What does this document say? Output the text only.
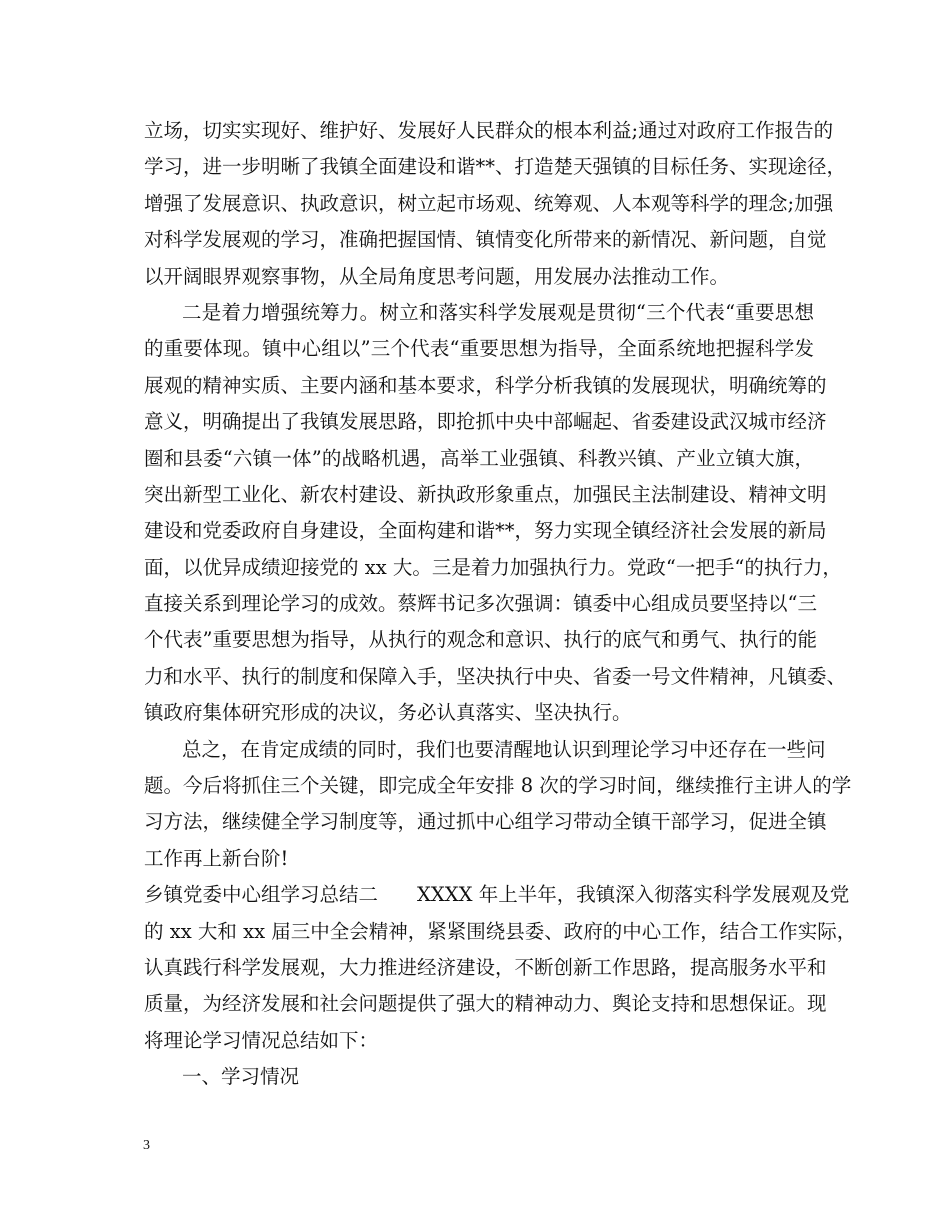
立场，切实实现好、维护好、发展好人民群众的根本利益;通过对政府工作报告的
学习，进一步明晰了我镇全面建设和谐**、打造楚天强镇的目标任务、实现途径，
增强了发展意识、执政意识，树立起市场观、统筹观、人本观等科学的理念;加强
对科学发展观的学习，准确把握国情、镇情变化所带来的新情况、新问题，自觉
以开阔眼界观察事物，从全局角度思考问题，用发展办法推动工作。
二是着力增强统筹力。树立和落实科学发展观是贯彻“三个代表“重要思想
的重要体现。镇中心组以”三个代表“重要思想为指导，全面系统地把握科学发
展观的精神实质、主要内涵和基本要求，科学分析我镇的发展现状，明确统筹的
意义，明确提出了我镇发展思路，即抢抓中央中部崛起、省委建设武汉城市经济
圈和县委“六镇一体”的战略机遇，高举工业强镇、科教兴镇、产业立镇大旗，
突出新型工业化、新农村建设、新执政形象重点，加强民主法制建设、精神文明
建设和党委政府自身建设，全面构建和谐**，努力实现全镇经济社会发展的新局
面，以优异成绩迎接党的 xx 大。三是着力加强执行力。党政“一把手“的执行力，
直接关系到理论学习的成效。蔡辉书记多次强调：镇委中心组成员要坚持以“三
个代表”重要思想为指导，从执行的观念和意识、执行的底气和勇气、执行的能
力和水平、执行的制度和保障入手，坚决执行中央、省委一号文件精神，凡镇委、
镇政府集体研究形成的决议，务必认真落实、坚决执行。
总之，在肯定成绩的同时，我们也要清醒地认识到理论学习中还存在一些问
题。今后将抓住三个关键，即完成全年安排 8 次的学习时间，继续推行主讲人的学
习方法，继续健全学习制度等，通过抓中心组学习带动全镇干部学习，促进全镇
工作再上新台阶!
乡镇党委中心组学习总结二　　XXXX 年上半年，我镇深入彻落实科学发展观及党
的 xx 大和 xx 届三中全会精神，紧紧围绕县委、政府的中心工作，结合工作实际，
认真践行科学发展观，大力推进经济建设，不断创新工作思路，提高服务水平和
质量，为经济发展和社会问题提供了强大的精神动力、舆论支持和思想保证。现
将理论学习情况总结如下：
一、学习情况
3
